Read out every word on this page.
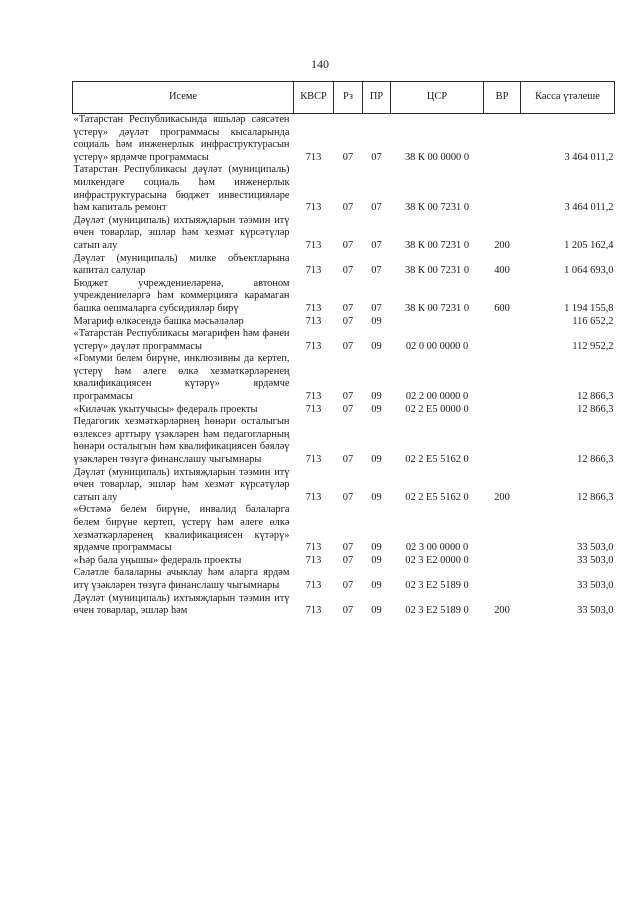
140
Исеме	КВСР	Рз	ПР	ЦСР	ВР	Касса үтәлеше
«Татарстан Республикасында яшьләр сәясәтен үстерү» дәүләт программасы кысаларында социаль һәм инженерлык инфраструктурасын үстерү» ярдәмче программасы	713	07	07	38 К 00 0000 0		3 464 011,2
Татарстан Республикасы дәүләт (муниципаль) милкендәге социаль һәм инженерлык инфраструктурасына бюджет инвестицияләре һәм капиталь ремонт	713	07	07	38 К 00 7231 0		3 464 011,2
Дәүләт (муниципаль) ихтыяҗларын тәэмин итү өчен товарлар, эшләр һәм хезмәт күрсәтүләр сатып алу	713	07	07	38 К 00 7231 0	200	1 205 162,4
Дәүләт (муниципаль) милке объектларына капитал салулар	713	07	07	38 К 00 7231 0	400	1 064 693,0
Бюджет учреждениеләренә, автоном учреждениеләргә һәм коммерциягә карамаган башка оешмаларга субсидияләр бирү	713	07	07	38 К 00 7231 0	600	1 194 155,8
Мәгариф өлкәсендә башка мәсьәләләр	713	07	09			116 652,2
«Татарстан Республикасы мәгарифен һәм фәнен үстерү» дәүләт программасы	713	07	09	02 0 00 0000 0		112 952,2
«Гомуми белем бирүне, инклюзивны да кертеп, үстерү һәм әлеге өлкә хезмәткәрләренең квалификациясен күтәрү» ярдәмче программасы	713	07	09	02 2 00 0000 0		12 866,3
«Киләчәк укытучысы» федераль проекты	713	07	09	02 2 E5 0000 0		12 866,3
Педагогик хезмәткәрләрнең һөнәри осталыгын өзлексез арттыру үзәкләрен һәм педагогларның һөнәри осталыгын һәм квалификациясен бәяләү үзәкләрен төзүгә финанслашу чыгымнары	713	07	09	02 2 E5 5162 0		12 866,3
Дәүләт (муниципаль) ихтыяҗларын тәэмин итү өчен товарлар, эшләр һәм хезмәт күрсәтүләр сатып алу	713	07	09	02 2 E5 5162 0	200	12 866,3
«Өстәмә белем бирүне, инвалид балаларга белем бирүне кертеп, үстерү һәм әлеге өлкә хезмәткәрләренең квалификациясен күтәрү» ярдәмче программасы	713	07	09	02 3 00 0000 0		33 503,0
«Һәр бала уңышы» федераль проекты	713	07	09	02 3 E2 0000 0		33 503,0
Сәләтле балаларны ачыклау һәм аларга ярдәм итү үзәкләрен төзүгә финанслашу чыгымнары	713	07	09	02 3 E2 5189 0		33 503,0
Дәүләт (муниципаль) ихтыяҗларын тәэмин итү өчен товарлар, эшләр һәм	713	07	09	02 3 E2 5189 0	200	33 503,0
